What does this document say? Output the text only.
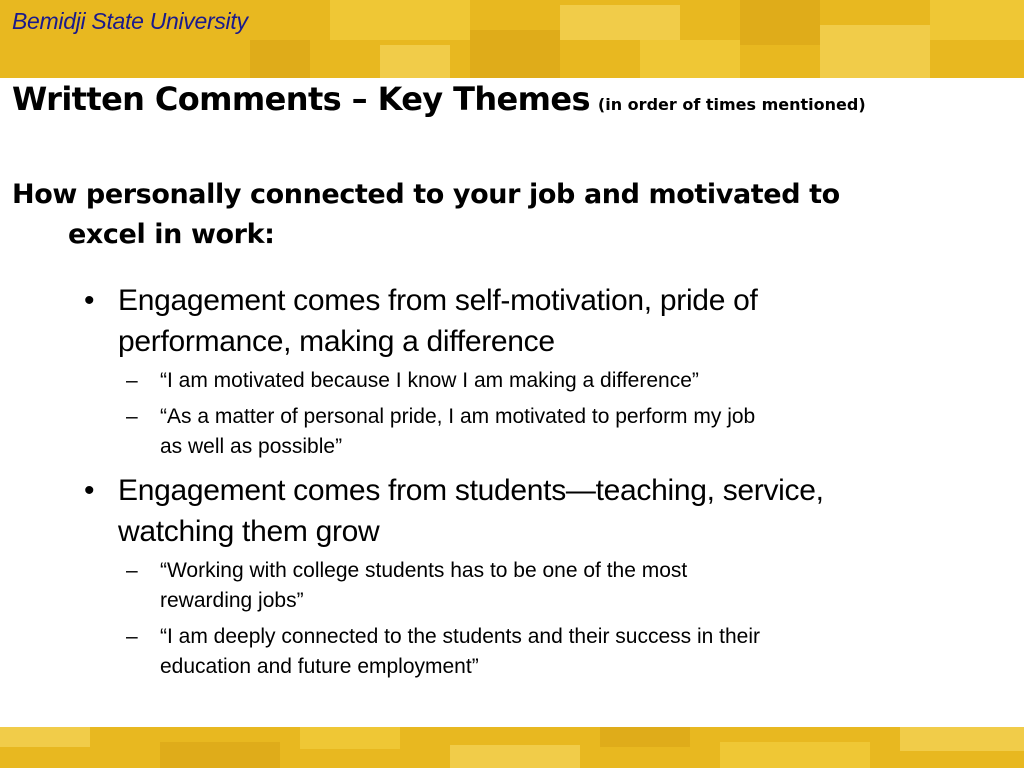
Bemidji State University
Written Comments – Key Themes (in order of times mentioned)
How personally connected to your job and motivated to
excel in work:
• Engagement comes from self-motivation, pride of
performance, making a difference
– “I am motivated because I know I am making a difference”
– “As a matter of personal pride, I am motivated to perform my job
as well as possible”
• Engagement comes from students—teaching, service,
watching them grow
– “Working with college students has to be one of the most
rewarding jobs”
– “I am deeply connected to the students and their success in their
education and future employment”
